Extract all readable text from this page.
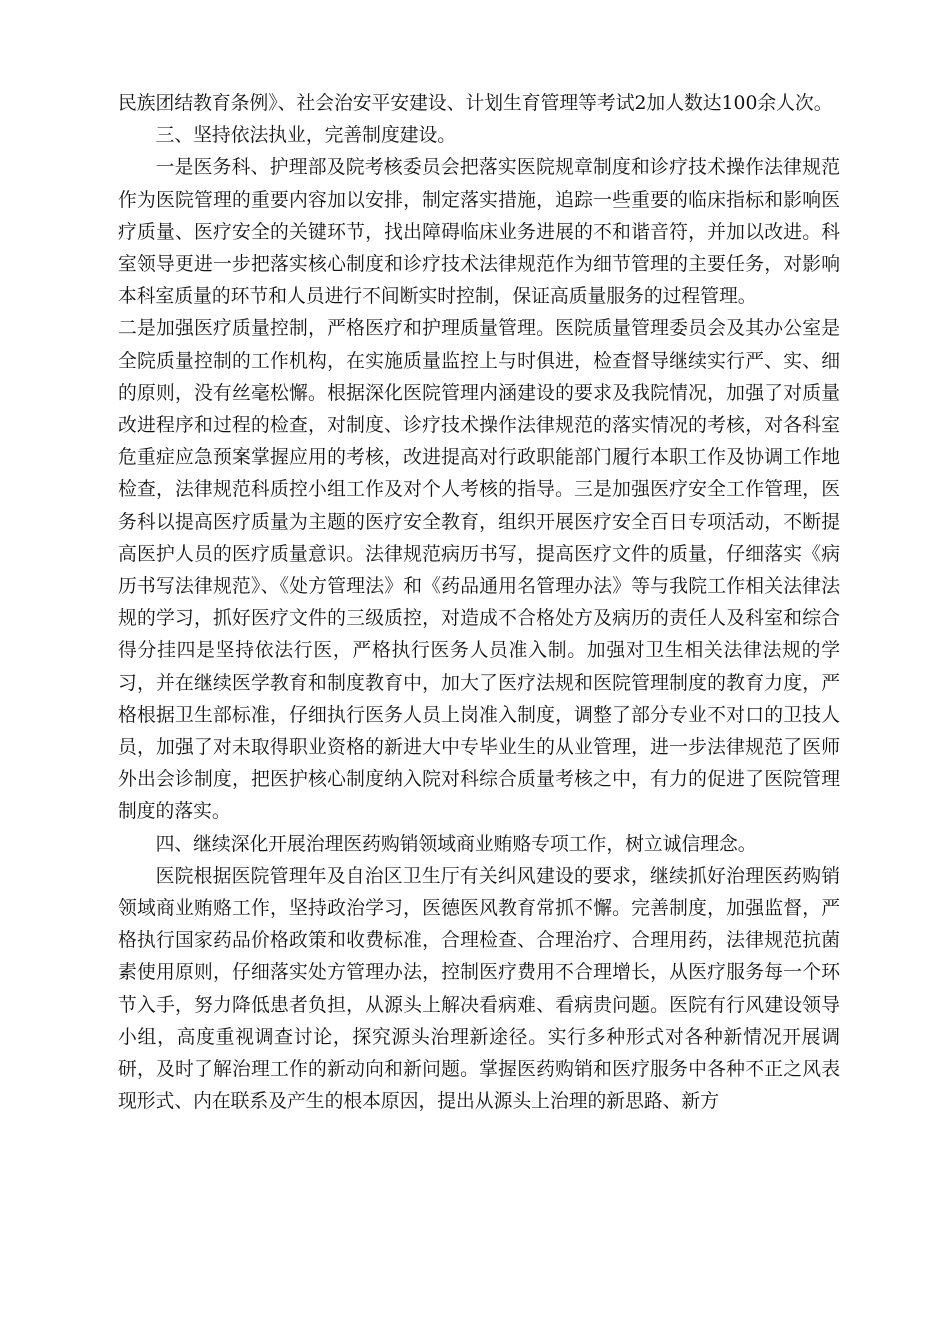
民族团结教育条例》、社会治安平安建设、计划生育管理等考试2加人数达100余人次。

三、坚持依法执业，完善制度建设。

一是医务科、护理部及院考核委员会把落实医院规章制度和诊疗技术操作法律规范作为医院管理的重要内容加以安排，制定落实措施，追踪一些重要的临床指标和影响医疗质量、医疗安全的关键环节，找出障碍临床业务进展的不和谐音符，并加以改进。科室领导更进一步把落实核心制度和诊疗技术法律规范作为细节管理的主要任务，对影响本科室质量的环节和人员进行不间断实时控制，保证高质量服务的过程管理。

二是加强医疗质量控制，严格医疗和护理质量管理。医院质量管理委员会及其办公室是全院质量控制的工作机构，在实施质量监控上与时俱进，检查督导继续实行严、实、细的原则，没有丝毫松懈。根据深化医院管理内涵建设的要求及我院情况，加强了对质量改进程序和过程的检查，对制度、诊疗技术操作法律规范的落实情况的考核，对各科室危重症应急预案掌握应用的考核，改进提高对行政职能部门履行本职工作及协调工作地检查，法律规范科质控小组工作及对个人考核的指导。三是加强医疗安全工作管理，医务科以提高医疗质量为主题的医疗安全教育，组织开展医疗安全百日专项活动，不断提高医护人员的医疗质量意识。法律规范病历书写，提高医疗文件的质量，仔细落实《病历书写法律规范》、《处方管理法》和《药品通用名管理办法》等与我院工作相关法律法规的学习，抓好医疗文件的三级质控，对造成不合格处方及病历的责任人及科室和综合得分挂四是坚持依法行医，严格执行医务人员准入制。加强对卫生相关法律法规的学习，并在继续医学教育和制度教育中，加大了医疗法规和医院管理制度的教育力度，严格根据卫生部标准，仔细执行医务人员上岗准入制度，调整了部分专业不对口的卫技人员，加强了对未取得职业资格的新进大中专毕业生的从业管理，进一步法律规范了医师外出会诊制度，把医护核心制度纳入院对科综合质量考核之中，有力的促进了医院管理制度的落实。

四、继续深化开展治理医药购销领域商业贿赂专项工作，树立诚信理念。

医院根据医院管理年及自治区卫生厅有关纠风建设的要求，继续抓好治理医药购销领域商业贿赂工作，坚持政治学习，医德医风教育常抓不懈。完善制度，加强监督，严格执行国家药品价格政策和收费标准，合理检查、合理治疗、合理用药，法律规范抗菌素使用原则，仔细落实处方管理办法，控制医疗费用不合理增长，从医疗服务每一个环节入手，努力降低患者负担，从源头上解决看病难、看病贵问题。医院有行风建设领导小组，高度重视调查讨论，探究源头治理新途径。实行多种形式对各种新情况开展调研，及时了解治理工作的新动向和新问题。掌握医药购销和医疗服务中各种不正之风表现形式、内在联系及产生的根本原因，提出从源头上治理的新思路、新方
